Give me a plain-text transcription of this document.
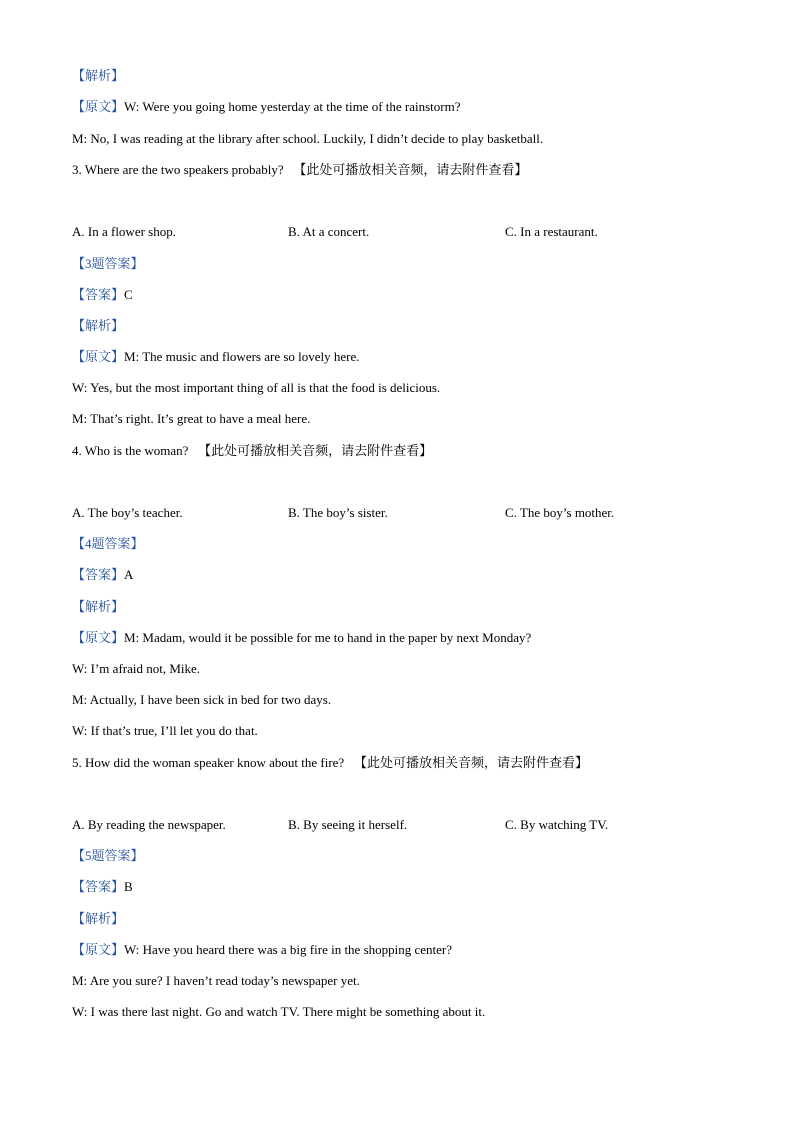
【解析】
【原文】W: Were you going home yesterday at the time of the rainstorm?
M: No, I was reading at the library after school. Luckily, I didn’t decide to play basketball.
3. Where are the two speakers probably? 【此处可播放相关音频，请去附件查看】
A. In a flower shop.	B. At a concert.	C. In a restaurant.
【3题答案】
【答案】C
【解析】
【原文】M: The music and flowers are so lovely here.
W: Yes, but the most important thing of all is that the food is delicious.
M: That’s right. It’s great to have a meal here.
4. Who is the woman? 【此处可播放相关音频，请去附件查看】
A. The boy’s teacher.	B. The boy’s sister.	C. The boy’s mother.
【4题答案】
【答案】A
【解析】
【原文】M: Madam, would it be possible for me to hand in the paper by next Monday?
W: I’m afraid not, Mike.
M: Actually, I have been sick in bed for two days.
W: If that’s true, I’ll let you do that.
5. How did the woman speaker know about the fire? 【此处可播放相关音频，请去附件查看】
A. By reading the newspaper.	B. By seeing it herself.	C. By watching TV.
【5题答案】
【答案】B
【解析】
【原文】W: Have you heard there was a big fire in the shopping center?
M: Are you sure? I haven’t read today’s newspaper yet.
W: I was there last night. Go and watch TV. There might be something about it.
